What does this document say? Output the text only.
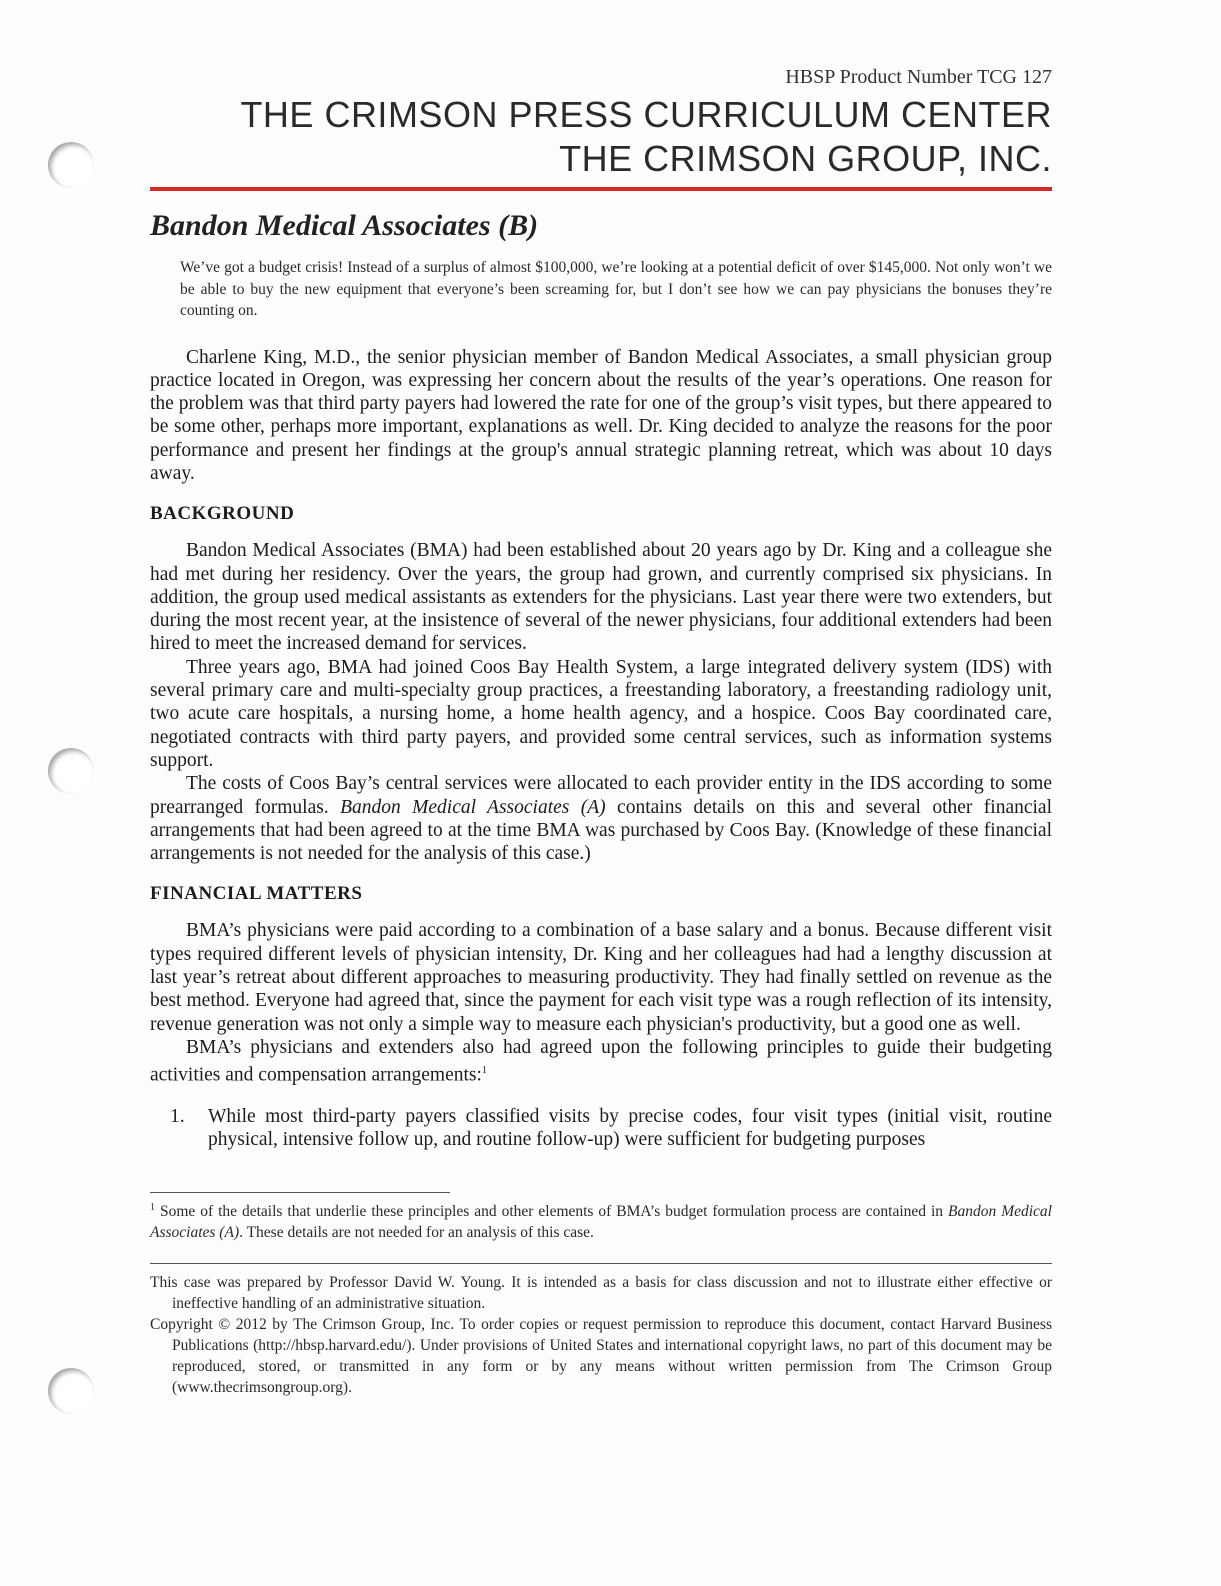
HBSP Product Number TCG 127
THE CRIMSON PRESS CURRICULUM CENTER
THE CRIMSON GROUP, INC.
Bandon Medical Associates (B)
We’ve got a budget crisis! Instead of a surplus of almost $100,000, we’re looking at a potential deficit of over $145,000. Not only won’t we be able to buy the new equipment that everyone’s been screaming for, but I don’t see how we can pay physicians the bonuses they’re counting on.

Charlene King, M.D., the senior physician member of Bandon Medical Associates, a small physician group practice located in Oregon, was expressing her concern about the results of the year’s operations. One reason for the problem was that third party payers had lowered the rate for one of the group’s visit types, but there appeared to be some other, perhaps more important, explanations as well. Dr. King decided to analyze the reasons for the poor performance and present her findings at the group's annual strategic planning retreat, which was about 10 days away.

BACKGROUND

Bandon Medical Associates (BMA) had been established about 20 years ago by Dr. King and a colleague she had met during her residency. Over the years, the group had grown, and currently comprised six physicians. In addition, the group used medical assistants as extenders for the physicians. Last year there were two extenders, but during the most recent year, at the insistence of several of the newer physicians, four additional extenders had been hired to meet the increased demand for services.

Three years ago, BMA had joined Coos Bay Health System, a large integrated delivery system (IDS) with several primary care and multi-specialty group practices, a freestanding laboratory, a freestanding radiology unit, two acute care hospitals, a nursing home, a home health agency, and a hospice. Coos Bay coordinated care, negotiated contracts with third party payers, and provided some central services, such as information systems support.

The costs of Coos Bay’s central services were allocated to each provider entity in the IDS according to some prearranged formulas. Bandon Medical Associates (A) contains details on this and several other financial arrangements that had been agreed to at the time BMA was purchased by Coos Bay. (Knowledge of these financial arrangements is not needed for the analysis of this case.)

FINANCIAL MATTERS

BMA’s physicians were paid according to a combination of a base salary and a bonus. Because different visit types required different levels of physician intensity, Dr. King and her colleagues had had a lengthy discussion at last year’s retreat about different approaches to measuring productivity. They had finally settled on revenue as the best method. Everyone had agreed that, since the payment for each visit type was a rough reflection of its intensity, revenue generation was not only a simple way to measure each physician's productivity, but a good one as well.

BMA’s physicians and extenders also had agreed upon the following principles to guide their budgeting activities and compensation arrangements:$^1$

1.	While most third-party payers classified visits by precise codes, four visit types (initial visit, routine physical, intensive follow up, and routine follow-up) were sufficient for budgeting purposes
$^1$ Some of the details that underlie these principles and other elements of BMA’s budget formulation process are contained in Bandon Medical Associates (A). These details are not needed for an analysis of this case.

This case was prepared by Professor David W. Young. It is intended as a basis for class discussion and not to illustrate either effective or ineffective handling of an administrative situation.

Copyright © 2012 by The Crimson Group, Inc. To order copies or request permission to reproduce this document, contact Harvard Business Publications (http://hbsp.harvard.edu/). Under provisions of United States and international copyright laws, no part of this document may be reproduced, stored, or transmitted in any form or by any means without written permission from The Crimson Group (www.thecrimsongroup.org).
